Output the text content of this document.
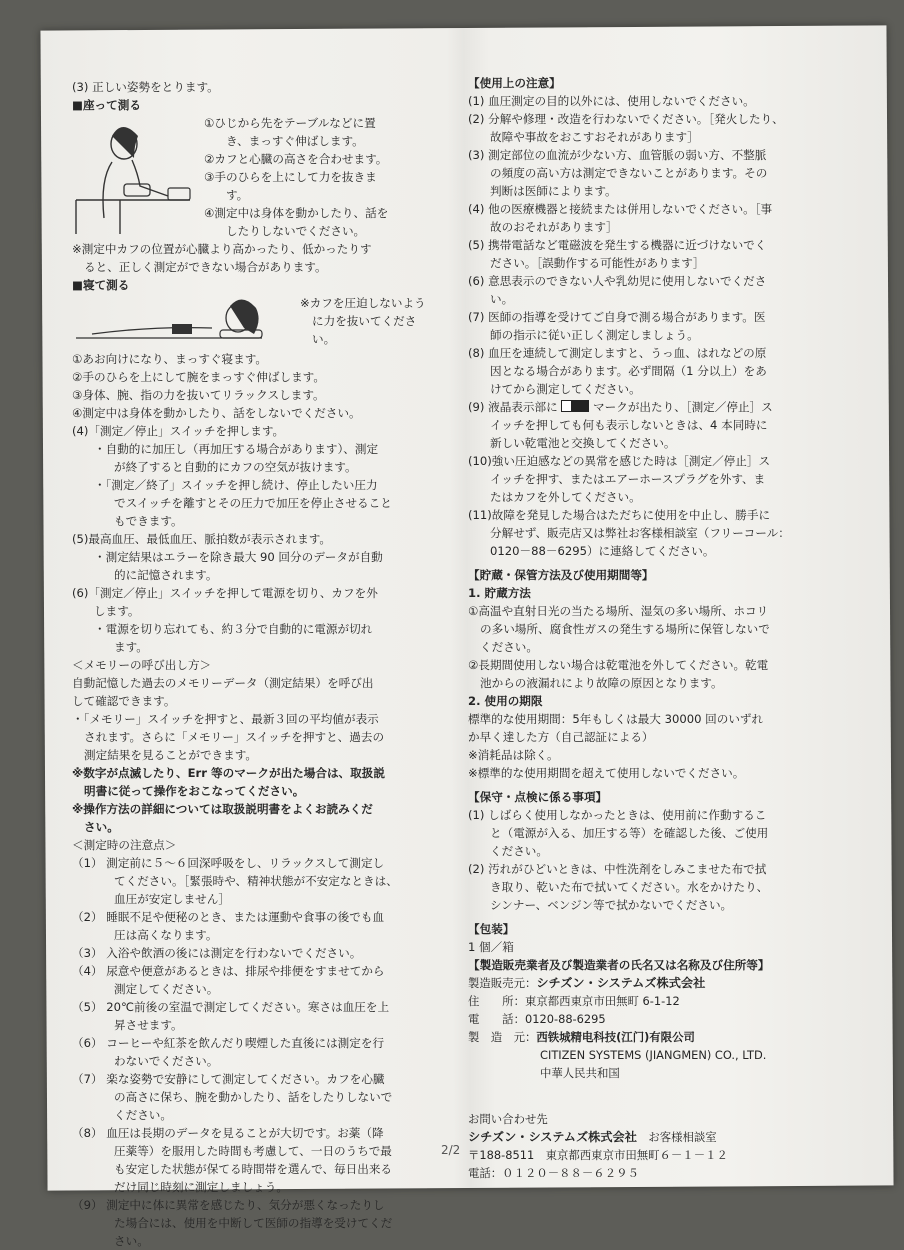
(3) 正しい姿勢をとります。
■座って測る
①ひじから先をテーブルなどに置
き、まっすぐ伸ばします。
②カフと心臓の高さを合わせます。
③手のひらを上にして力を抜きま
す。
④測定中は身体を動かしたり、話を
したりしないでください。
※測定中カフの位置が心臓より高かったり、低かったりす
ると、正しく測定ができない場合があります。
■寝て測る
※カフを圧迫しないよう
に力を抜いてくださ
い。
①あお向けになり、まっすぐ寝ます。
②手のひらを上にして腕をまっすぐ伸ばします。
③身体、腕、指の力を抜いてリラックスします。
④測定中は身体を動かしたり、話をしないでください。
(4)「測定／停止」スイッチを押します。
・自動的に加圧し（再加圧する場合があります）、測定
が終了すると自動的にカフの空気が抜けます。
・「測定／終了」スイッチを押し続け、停止したい圧力
でスイッチを離すとその圧力で加圧を停止させること
もできます。
(5)最高血圧、最低血圧、脈拍数が表示されます。
・測定結果はエラーを除き最大 90 回分のデータが自動
的に記憶されます。
(6)「測定／停止」スイッチを押して電源を切り、カフを外
します。
・電源を切り忘れても、約３分で自動的に電源が切れ
ます。
＜メモリーの呼び出し方＞
自動記憶した過去のメモリーデータ（測定結果）を呼び出
して確認できます。
・「メモリー」スイッチを押すと、最新３回の平均値が表示
されます。さらに「メモリー」スイッチを押すと、過去の
測定結果を見ることができます。
※数字が点滅したり、Err 等のマークが出た場合は、取扱説
明書に従って操作をおこなってください。
※操作方法の詳細については取扱説明書をよくお読みくだ
さい。
＜測定時の注意点＞
（1） 測定前に５～６回深呼吸をし、リラックスして測定し
てください。［緊張時や、精神状態が不安定なときは、
血圧が安定しません］
（2） 睡眠不足や便秘のとき、または運動や食事の後でも血
圧は高くなります。
（3） 入浴や飲酒の後には測定を行わないでください。
（4） 尿意や便意があるときは、排尿や排便をすませてから
測定してください。
（5） 20℃前後の室温で測定してください。寒さは血圧を上
昇させます。
（6） コーヒーや紅茶を飲んだり喫煙した直後には測定を行
わないでください。
（7） 楽な姿勢で安静にして測定してください。カフを心臓
の高さに保ち、腕を動かしたり、話をしたりしないで
ください。
（8） 血圧は長期のデータを見ることが大切です。お薬（降
圧薬等）を服用した時間も考慮して、一日のうちで最
も安定した状態が保てる時間帯を選んで、毎日出来る
だけ同じ時刻に測定しましょう。
（9） 測定中に体に異常を感じたり、気分が悪くなったりし
た場合には、使用を中断して医師の指導を受けてくだ
さい。
【使用上の注意】
(1) 血圧測定の目的以外には、使用しないでください。
(2) 分解や修理・改造を行わないでください。［発火したり、
故障や事故をおこすおそれがあります］
(3) 測定部位の血流が少ない方、血管脈の弱い方、不整脈
の頻度の高い方は測定できないことがあります。その
判断は医師によります。
(4) 他の医療機器と接続または併用しないでください。［事
故のおそれがあります］
(5) 携帯電話など電磁波を発生する機器に近づけないでく
ださい。［誤動作する可能性があります］
(6) 意思表示のできない人や乳幼児に使用しないでくださ
い。
(7) 医師の指導を受けてご自身で測る場合があります。医
師の指示に従い正しく測定しましょう。
(8) 血圧を連続して測定しますと、うっ血、はれなどの原
因となる場合があります。必ず間隔（1 分以上）をあ
けてから測定してください。
(9) 液晶表示部に	マークが出たり、［測定／停止］ス
イッチを押しても何も表示しないときは、4 本同時に
新しい乾電池と交換してください。
(10)強い圧迫感などの異常を感じた時は［測定／停止］ス
イッチを押す、またはエアーホースプラグを外す、ま
たはカフを外してください。
(11)故障を発見した場合はただちに使用を中止し、勝手に
分解せず、販売店又は弊社お客様相談室（フリーコール：
0120－88－6295）に連絡してください。
【貯蔵・保管方法及び使用期間等】
1. 貯蔵方法
①高温や直射日光の当たる場所、湿気の多い場所、ホコリ
の多い場所、腐食性ガスの発生する場所に保管しないで
ください。
②長期間使用しない場合は乾電池を外してください。乾電
池からの液漏れにより故障の原因となります。
2. 使用の期限
標準的な使用期間：5年もしくは最大 30000 回のいずれ
か早く達した方（自己認証による）
※消耗品は除く。
※標準的な使用期間を超えて使用しないでください。
【保守・点検に係る事項】
(1) しばらく使用しなかったときは、使用前に作動するこ
と（電源が入る、加圧する等）を確認した後、ご使用
ください。
(2) 汚れがひどいときは、中性洗剤をしみこませた布で拭
き取り、乾いた布で拭いてください。水をかけたり、
シンナー、ベンジン等で拭かないでください。
【包装】
1 個／箱
【製造販売業者及び製造業者の氏名又は名称及び住所等】
製造販売元：シチズン・システムズ株式会社
住　　所：東京都西東京市田無町 6-1-12
電　　話：0120-88-6295
製　造　元：西铁城精电科技(江门)有限公司
CITIZEN SYSTEMS (JIANGMEN) CO., LTD.
中華人民共和国
お問い合わせ先
シチズン・システムズ株式会社　 お客様相談室
〒188-8511　東京都西東京市田無町６－１－１２
電話：０１２０－８８－６２９５
2/2
